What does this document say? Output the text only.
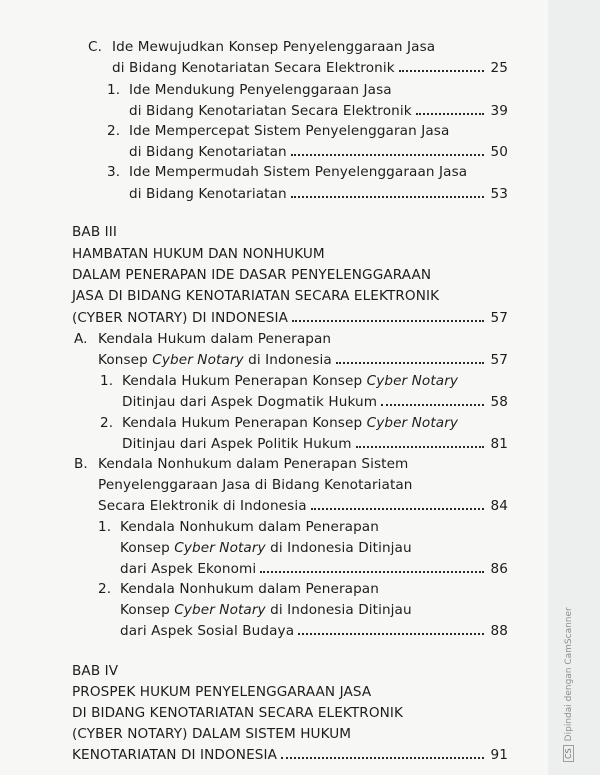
C. Ide Mewujudkan Konsep Penyelenggaraan Jasa
di Bidang Kenotariatan Secara Elektronik	25
1. Ide Mendukung Penyelenggaraan Jasa
di Bidang Kenotariatan Secara Elektronik	39
2. Ide Mempercepat Sistem Penyelenggaran Jasa
di Bidang Kenotariatan	50
3. Ide Mempermudah Sistem Penyelenggaraan Jasa
di Bidang Kenotariatan	53
BAB III
HAMBATAN HUKUM DAN NONHUKUM
DALAM PENERAPAN IDE DASAR PENYELENGGARAAN
JASA DI BIDANG KENOTARIATAN SECARA ELEKTRONIK
(CYBER NOTARY) DI INDONESIA	57
A. Kendala Hukum dalam Penerapan
Konsep Cyber Notary di Indonesia	57
1. Kendala Hukum Penerapan Konsep Cyber Notary
Ditinjau dari Aspek Dogmatik Hukum	58
2. Kendala Hukum Penerapan Konsep Cyber Notary
Ditinjau dari Aspek Politik Hukum	81
B. Kendala Nonhukum dalam Penerapan Sistem
Penyelenggaraan Jasa di Bidang Kenotariatan
Secara Elektronik di Indonesia	84
1. Kendala Nonhukum dalam Penerapan
Konsep Cyber Notary di Indonesia Ditinjau
dari Aspek Ekonomi	86
2. Kendala Nonhukum dalam Penerapan
Konsep Cyber Notary di Indonesia Ditinjau
dari Aspek Sosial Budaya	88
BAB IV
PROSPEK HUKUM PENYELENGGARAAN JASA
DI BIDANG KENOTARIATAN SECARA ELEKTRONIK
(CYBER NOTARY) DALAM SISTEM HUKUM
KENOTARIATAN DI INDONESIA	91	CSDipindai dengan CamScanner
